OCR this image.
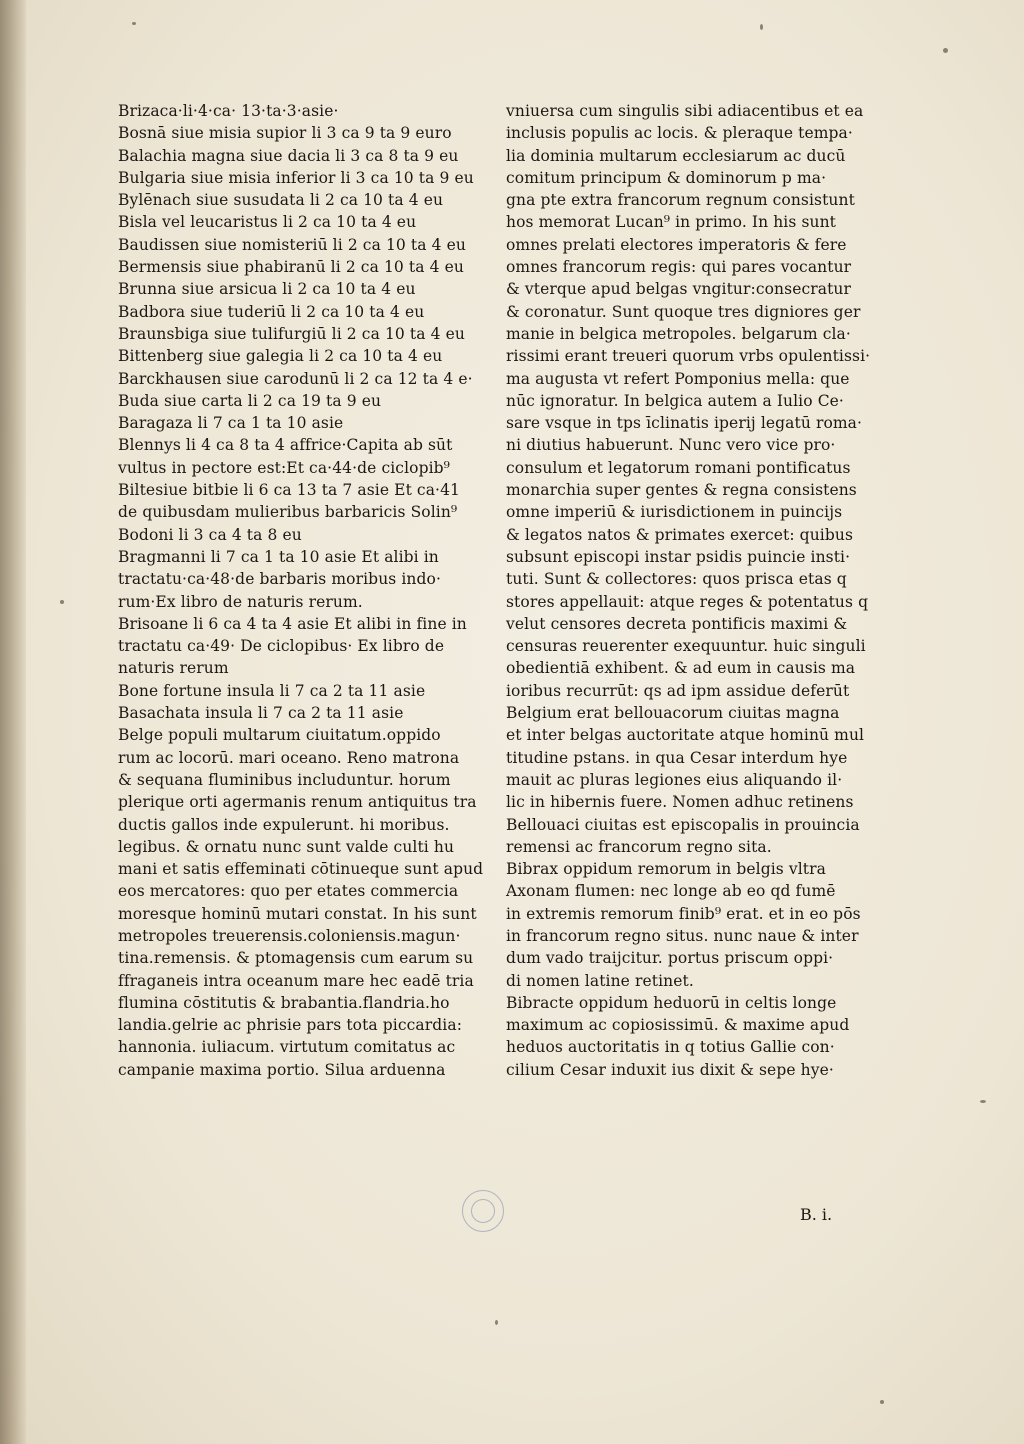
Brizaca·li·4·ca· 13·ta·3·asie·
Bosnā siue misia supior li 3 ca 9 ta 9 euro
Balachia magna siue dacia li 3 ca 8 ta 9 eu
Bulgaria siue misia inferior li 3 ca 10 ta 9 eu
Bylēnach siue susudata li 2 ca 10 ta 4 eu
Bisla vel leucaristus li 2 ca 10 ta 4 eu
Baudissen siue nomisteriū li 2 ca 10 ta 4 eu
Bermensis siue phabiranū li 2 ca 10 ta 4 eu
Brunna siue arsicua li 2 ca 10 ta 4 eu
Badbora siue tuderiū li 2 ca 10 ta 4 eu
Braunsbiga siue tulifurgiū li 2 ca 10 ta 4 eu
Bittenberg siue galegia li 2 ca 10 ta 4 eu
Barckhausen siue carodunū li 2 ca 12 ta 4 e·
Buda siue carta li 2 ca 19 ta 9 eu
Baragaza li 7 ca 1 ta 10 asie
Blennys li 4 ca 8 ta 4 affrice·Capita ab sūt
vultus in pectore est:Et ca·44·de ciclopib⁹
Biltesiue bitbie li 6 ca 13 ta 7 asie Et ca·41
de quibusdam mulieribus barbaricis Solin⁹
Bodoni li 3 ca 4 ta 8 eu
Bragmanni li 7 ca 1 ta 10 asie Et alibi in
tractatu·ca·48·de barbaris moribus indo·
rum·Ex libro de naturis rerum.
Brisoane li 6 ca 4 ta 4 asie Et alibi in fine in
tractatu ca·49· De ciclopibus· Ex libro de
naturis rerum
Bone fortune insula li 7 ca 2 ta 11 asie
Basachata insula li 7 ca 2 ta 11 asie
Belge populi multarum ciuitatum.oppido
rum ac locorū. mari oceano. Reno matrona
& sequana fluminibus includuntur. horum
plerique orti agermanis renum antiquitus tra
ductis gallos inde expulerunt. hi moribus.
legibus. & ornatu nunc sunt valde culti hu
mani et satis effeminati cōtinueque sunt apud
eos mercatores: quo per etates commercia
moresque hominū mutari constat. In his sunt
metropoles treuerensis.coloniensis.magun·
tina.remensis. & ptomagensis cum earum su
ffraganeis intra oceanum mare hec eadē tria
flumina cōstitutis & brabantia.flandria.ho
landia.gelrie ac phrisie pars tota piccardia:
hannonia. iuliacum. virtutum comitatus ac
campanie maxima portio. Silua arduenna
vniuersa cum singulis sibi adiacentibus et ea
inclusis populis ac locis. & pleraque tempa·
lia dominia multarum ecclesiarum ac ducū
comitum principum & dominorum p ma·
gna pte extra francorum regnum consistunt
hos memorat Lucan⁹ in primo. In his sunt
omnes prelati electores imperatoris & fere
omnes francorum regis: qui pares vocantur
& vterque apud belgas vngitur:consecratur
& coronatur. Sunt quoque tres digniores ger
manie in belgica metropoles. belgarum cla·
rissimi erant treueri quorum vrbs opulentissi·
ma augusta vt refert Pomponius mella: que
nūc ignoratur. In belgica autem a Iulio Ce·
sare vsque in tps īclinatis iperij legatū roma·
ni diutius habuerunt. Nunc vero vice pro·
consulum et legatorum romani pontificatus
monarchia super gentes & regna consistens
omne imperiū & iurisdictionem in puincijs
& legatos natos & primates exercet: quibus
subsunt episcopi instar psidis puincie insti·
tuti. Sunt & collectores: quos prisca etas q
stores appellauit: atque reges & potentatus q
velut censores decreta pontificis maximi &
censuras reuerenter exequuntur. huic singuli
obedientiā exhibent. & ad eum in causis ma
ioribus recurrūt: qs ad ipm assidue deferūt
Belgium erat bellouacorum ciuitas magna
et inter belgas auctoritate atque hominū mul
titudine pstans. in qua Cesar interdum hye
mauit ac pluras legiones eius aliquando il·
lic in hibernis fuere. Nomen adhuc retinens
Bellouaci ciuitas est episcopalis in prouincia
remensi ac francorum regno sita.
Bibrax oppidum remorum in belgis vltra
Axonam flumen: nec longe ab eo qd fumē
in extremis remorum finib⁹ erat. et in eo pōs
in francorum regno situs. nunc naue & inter
dum vado traijcitur. portus priscum oppi·
di nomen latine retinet.
Bibracte oppidum heduorū in celtis longe
maximum ac copiosissimū. & maxime apud
heduos auctoritatis in q totius Gallie con·
cilium Cesar induxit ius dixit & sepe hye·
B. i.
